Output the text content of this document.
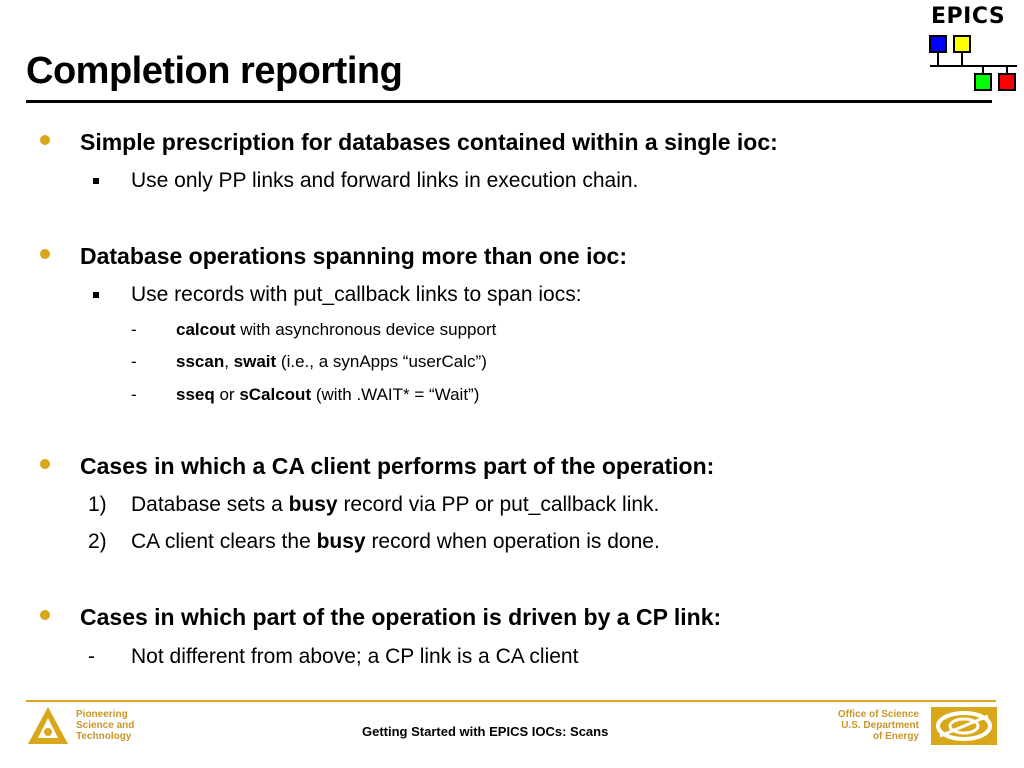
Completion reporting
EPICS
Simple prescription for databases contained within a single ioc:
Use only PP links and forward links in execution chain.
Database operations spanning more than one ioc:
Use records with put_callback links to span iocs:
- calcout with asynchronous device support
- sscan, swait (i.e., a synApps “userCalc”)
- sseq or sCalcout (with .WAIT* = “Wait”)
Cases in which a CA client performs part of the operation:
1) Database sets a busy record via PP or put_callback link.
2) CA client clears the busy record when operation is done.
Cases in which part of the operation is driven by a CP link:
- Not different from above; a CP link is a CA client
Pioneering
Science and
Technology	Getting Started with EPICS IOCs: Scans
Office of Science
U.S. Department
of Energy
